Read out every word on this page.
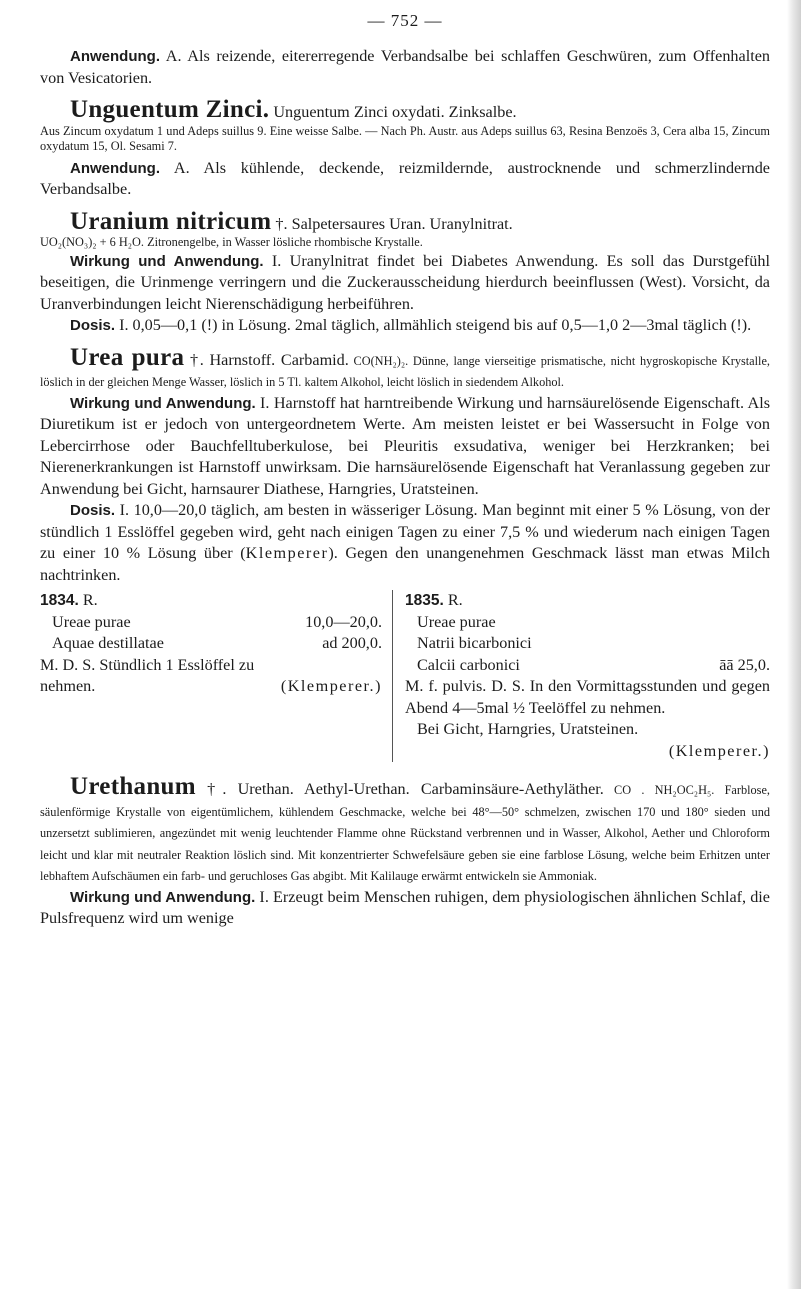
— 752 —

Anwendung. A. Als reizende, eitererregende Verbandsalbe bei schlaffen Geschwüren, zum Offenhalten von Vesicatorien.

Unguentum Zinci. Unguentum Zinci oxydati. Zinksalbe.

Aus Zincum oxydatum 1 und Adeps suillus 9. Eine weisse Salbe. — Nach Ph. Austr. aus Adeps suillus 63, Resina Benzoës 3, Cera alba 15, Zincum oxydatum 15, Ol. Sesami 7.

Anwendung. A. Als kühlende, deckende, reizmildernde, austrocknende und schmerzlindernde Verbandsalbe.

Uranium nitricum †. Salpetersaures Uran. Uranylnitrat.

UO₂(NO₃)₂ + 6 H₂O. Zitronengelbe, in Wasser lösliche rhombische Krystalle.

Wirkung und Anwendung. I. Uranylnitrat findet bei Diabetes Anwendung. Es soll das Durstgefühl beseitigen, die Urinmenge verringern und die Zuckerausscheidung hierdurch beeinflussen (West). Vorsicht, da Uranverbindungen leicht Nierenschädigung herbeiführen.

Dosis. I. 0,05—0,1 (!) in Lösung. 2mal täglich, allmählich steigend bis auf 0,5—1,0 2—3mal täglich (!).

Urea pura †. Harnstoff. Carbamid. CO(NH₂)₂. Dünne, lange vierseitige prismatische, nicht hygroskopische Krystalle, löslich in der gleichen Menge Wasser, löslich in 5 Tl. kaltem Alkohol, leicht löslich in siedendem Alkohol.

Wirkung und Anwendung. I. Harnstoff hat harntreibende Wirkung und harnsäurelösende Eigenschaft. Als Diuretikum ist er jedoch von untergeordnetem Werte. Am meisten leistet er bei Wassersucht in Folge von Lebercirrhose oder Bauchfelltuberkulose, bei Pleuritis exsudativa, weniger bei Herzkranken; bei Nierenerkrankungen ist Harnstoff unwirksam. Die harnsäurelösende Eigenschaft hat Veranlassung gegeben zur Anwendung bei Gicht, harnsaurer Diathese, Harngries, Uratsteinen.

Dosis. I. 10,0—20,0 täglich, am besten in wässeriger Lösung. Man beginnt mit einer 5 % Lösung, von der stündlich 1 Esslöffel gegeben wird, geht nach einigen Tagen zu einer 7,5 % und wiederum nach einigen Tagen zu einer 10 % Lösung über (Klemperer). Gegen den unangenehmen Geschmack lässt man etwas Milch nachtrinken.

1834. R.
Ureae purae	10,0—20,0.
Aquae destillatae	ad 200,0.
M. D. S. Stündlich 1 Esslöffel zu
nehmen.	(Klemperer.)
1835. R.
Ureae purae
Natrii bicarbonici
Calcii carbonici	āā 25,0.

M. f. pulvis. D. S. In den Vormittagsstunden und gegen Abend 4—5mal ½ Teelöffel zu nehmen.

Bei Gicht, Harngries, Uratsteinen.
(Klemperer.)

Urethanum †. Urethan. Aethyl-Urethan. Carbaminsäure-Aethyläther. CO . NH₂OC₂H₅. Farblose, säulenförmige Krystalle von eigentümlichem, kühlendem Geschmacke, welche bei 48°—50° schmelzen, zwischen 170 und 180° sieden und unzersetzt sublimieren, angezündet mit wenig leuchtender Flamme ohne Rückstand verbrennen und in Wasser, Alkohol, Aether und Chloroform leicht und klar mit neutraler Reaktion löslich sind. Mit konzentrierter Schwefelsäure geben sie eine farblose Lösung, welche beim Erhitzen unter lebhaftem Aufschäumen ein farb- und geruchloses Gas abgibt. Mit Kalilauge erwärmt entwickeln sie Ammoniak.

Wirkung und Anwendung. I. Erzeugt beim Menschen ruhigen, dem physiologischen ähnlichen Schlaf, die Pulsfrequenz wird um wenige
